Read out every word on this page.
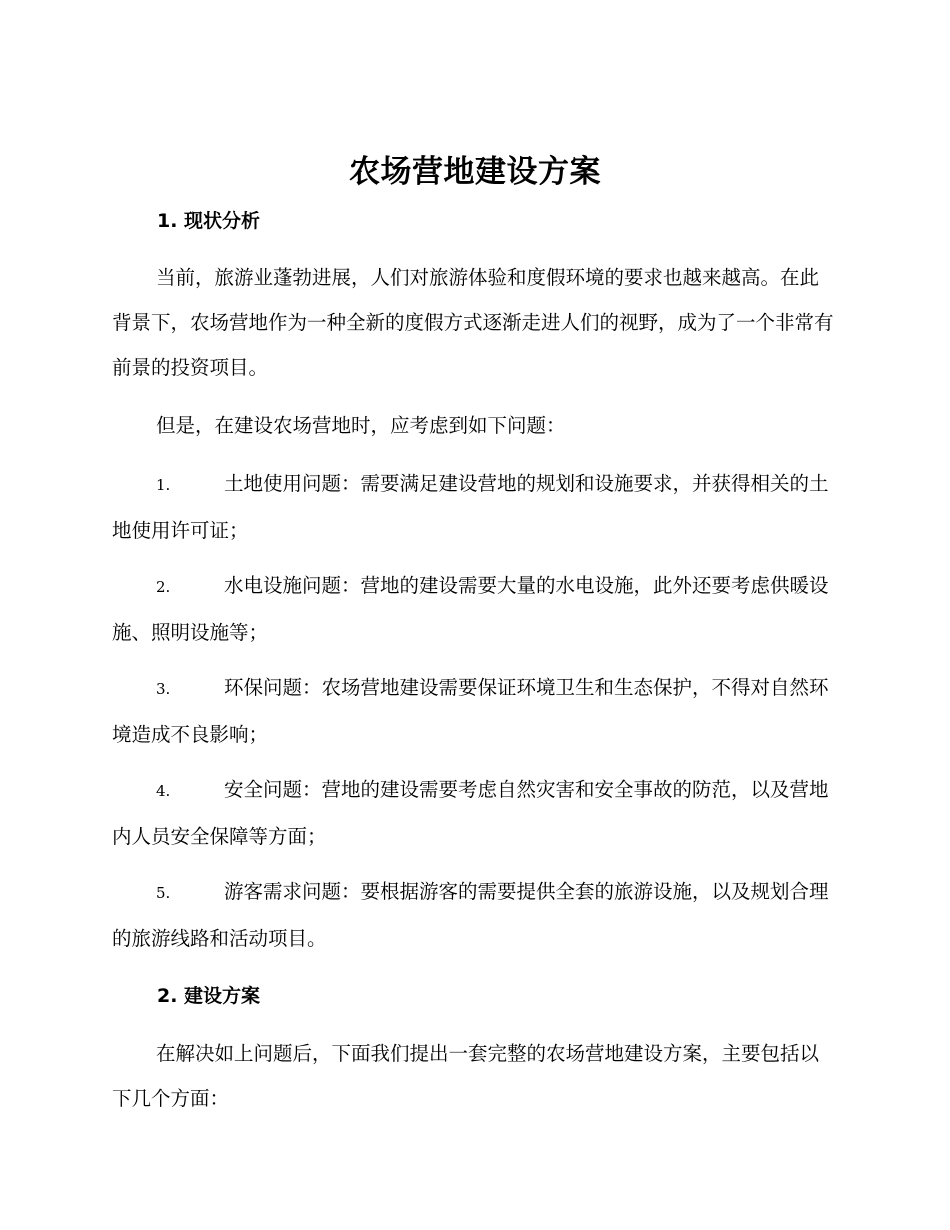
农场营地建设方案
1. 现状分析

当前，旅游业蓬勃进展，人们对旅游体验和度假环境的要求也越来越高。在此背景下，农场营地作为一种全新的度假方式逐渐走进人们的视野，成为了一个非常有前景的投资项目。

但是，在建设农场营地时，应考虑到如下问题：

1.	土地使用问题：需要满足建设营地的规划和设施要求，并获得相关的土地使用许可证；

2.	水电设施问题：营地的建设需要大量的水电设施，此外还要考虑供暖设施、照明设施等；

3.	环保问题：农场营地建设需要保证环境卫生和生态保护，不得对自然环境造成不良影响；

4.	安全问题：营地的建设需要考虑自然灾害和安全事故的防范，以及营地内人员安全保障等方面；

5.	游客需求问题：要根据游客的需要提供全套的旅游设施，以及规划合理的旅游线路和活动项目。

2. 建设方案

在解决如上问题后，下面我们提出一套完整的农场营地建设方案，主要包括以下几个方面：
